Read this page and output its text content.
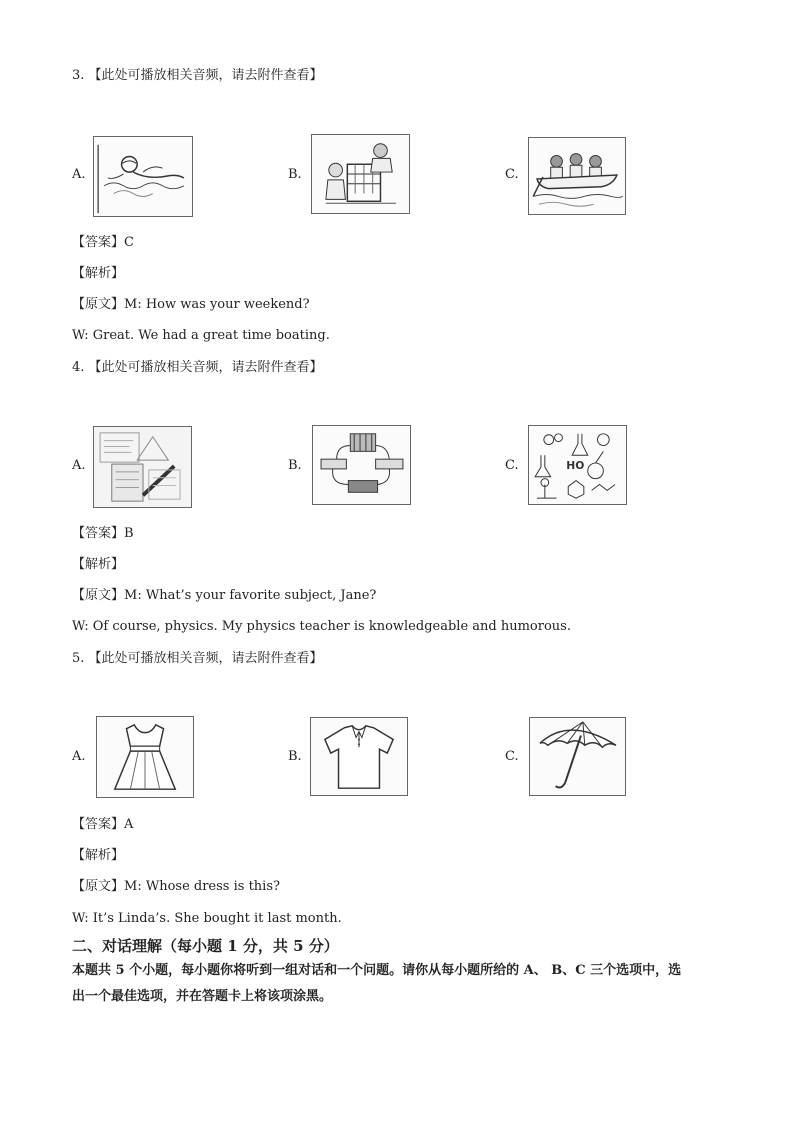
3. 【此处可播放相关音频，请去附件查看】
A.	B.	C.
【答案】C
【解析】
【原文】M: How was your weekend?
W: Great. We had a great time boating.
4. 【此处可播放相关音频，请去附件查看】
A.	B.	C.	HO
【答案】B
【解析】
【原文】M: What’s your favorite subject, Jane?
W: Of course, physics. My physics teacher is knowledgeable and humorous.
5. 【此处可播放相关音频，请去附件查看】
A.	B.	C.
【答案】A
【解析】
【原文】M: Whose dress is this?
W: It’s Linda’s. She bought it last month.
二、对话理解（每小题 1 分，共 5 分）
本题共 5 个小题，每小题你将听到一组对话和一个问题。请你从每小题所给的 A、 B、C 三个选项中，选
出一个最佳选项，并在答题卡上将该项涂黑。
